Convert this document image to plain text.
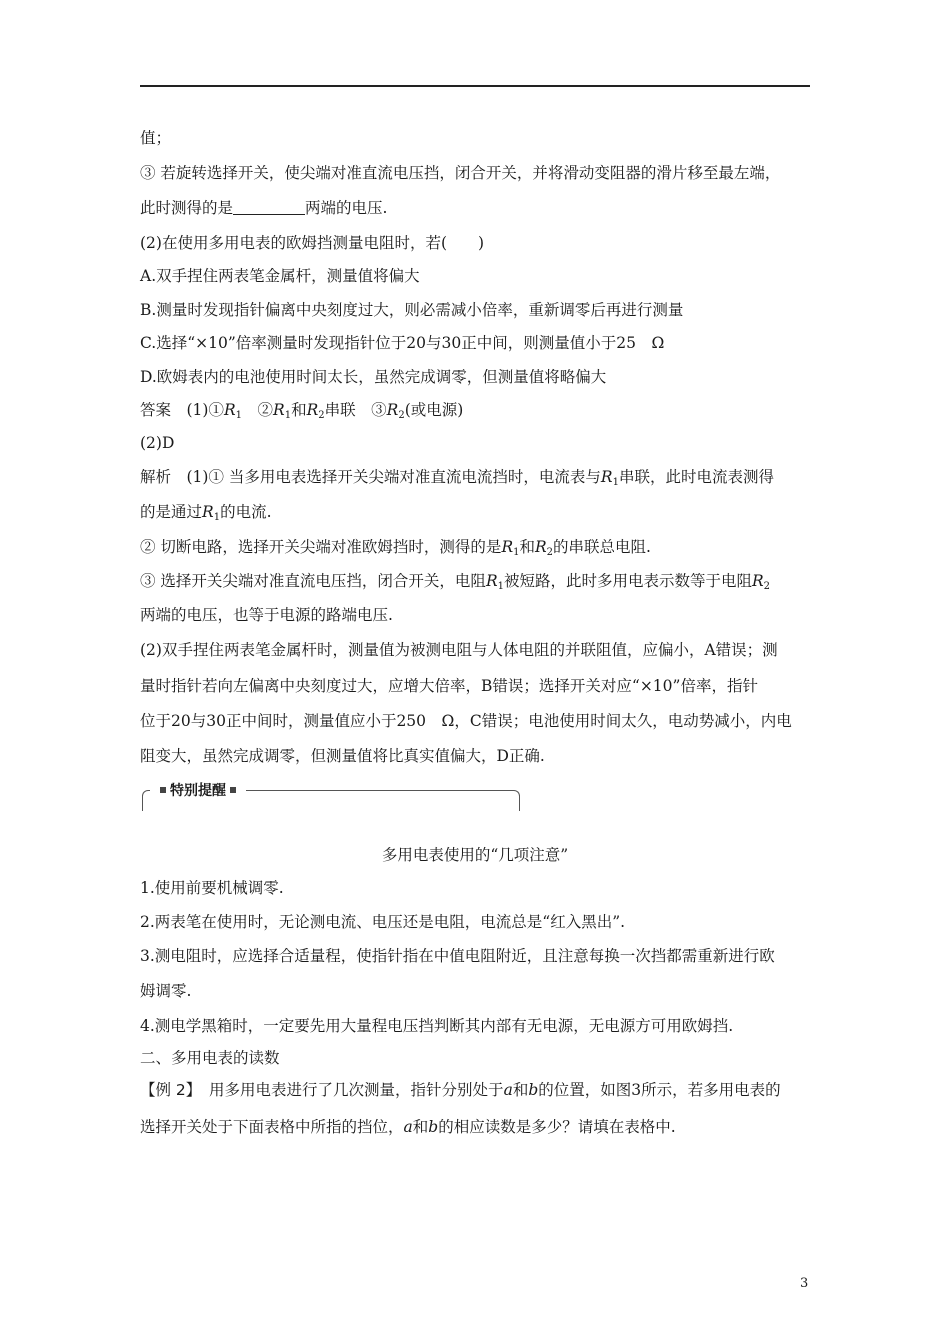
值；
③ 若旋转选择开关，使尖端对准直流电压挡，闭合开关，并将滑动变阻器的滑片移至最左端，
此时测得的是	两端的电压.
(2)在使用多用电表的欧姆挡测量电阻时，若(　　)
A.双手捏住两表笔金属杆，测量值将偏大
B.测量时发现指针偏离中央刻度过大，则必需减小倍率，重新调零后再进行测量
C.选择“×10”倍率测量时发现指针位于20与30正中间，则测量值小于25　Ω
D.欧姆表内的电池使用时间太长，虽然完成调零，但测量值将略偏大
答案　$(1)①R_1$　$②R_1$和$R_2$串联　$③R_2$(或电源)
(2)D
解析　(1)① 当多用电表选择开关尖端对准直流电流挡时，电流表与$R_1$串联，此时电流表测得
的是通过$R_1$的电流.
② 切断电路，选择开关尖端对准欧姆挡时，测得的是$R_1$和$R_2$的串联总电阻.
③ 选择开关尖端对准直流电压挡，闭合开关，电阻$R_1$被短路，此时多用电表示数等于电阻$R_2$
两端的电压，也等于电源的路端电压.
(2)双手捏住两表笔金属杆时，测量值为被测电阻与人体电阻的并联阻值，应偏小，A错误；测
量时指针若向左偏离中央刻度过大，应增大倍率，B错误；选择开关对应“×10”倍率，指针
位于20与30正中间时，测量值应小于250　Ω，C错误；电池使用时间太久，电动势减小，内电
阻变大，虽然完成调零，但测量值将比真实值偏大，D正确.
特别提醒
多用电表使用的“几项注意”
1.使用前要机械调零.
2.两表笔在使用时，无论测电流、电压还是电阻，电流总是“红入黑出”.
3.测电阻时，应选择合适量程，使指针指在中值电阻附近，且注意每换一次挡都需重新进行欧
姆调零.
4.测电学黑箱时，一定要先用大量程电压挡判断其内部有无电源，无电源方可用欧姆挡.
二、多用电表的读数
【例 2】　用多用电表进行了几次测量，指针分别处于a和b的位置，如图3所示，若多用电表的
选择开关处于下面表格中所指的挡位，a和b的相应读数是多少？请填在表格中.
3
